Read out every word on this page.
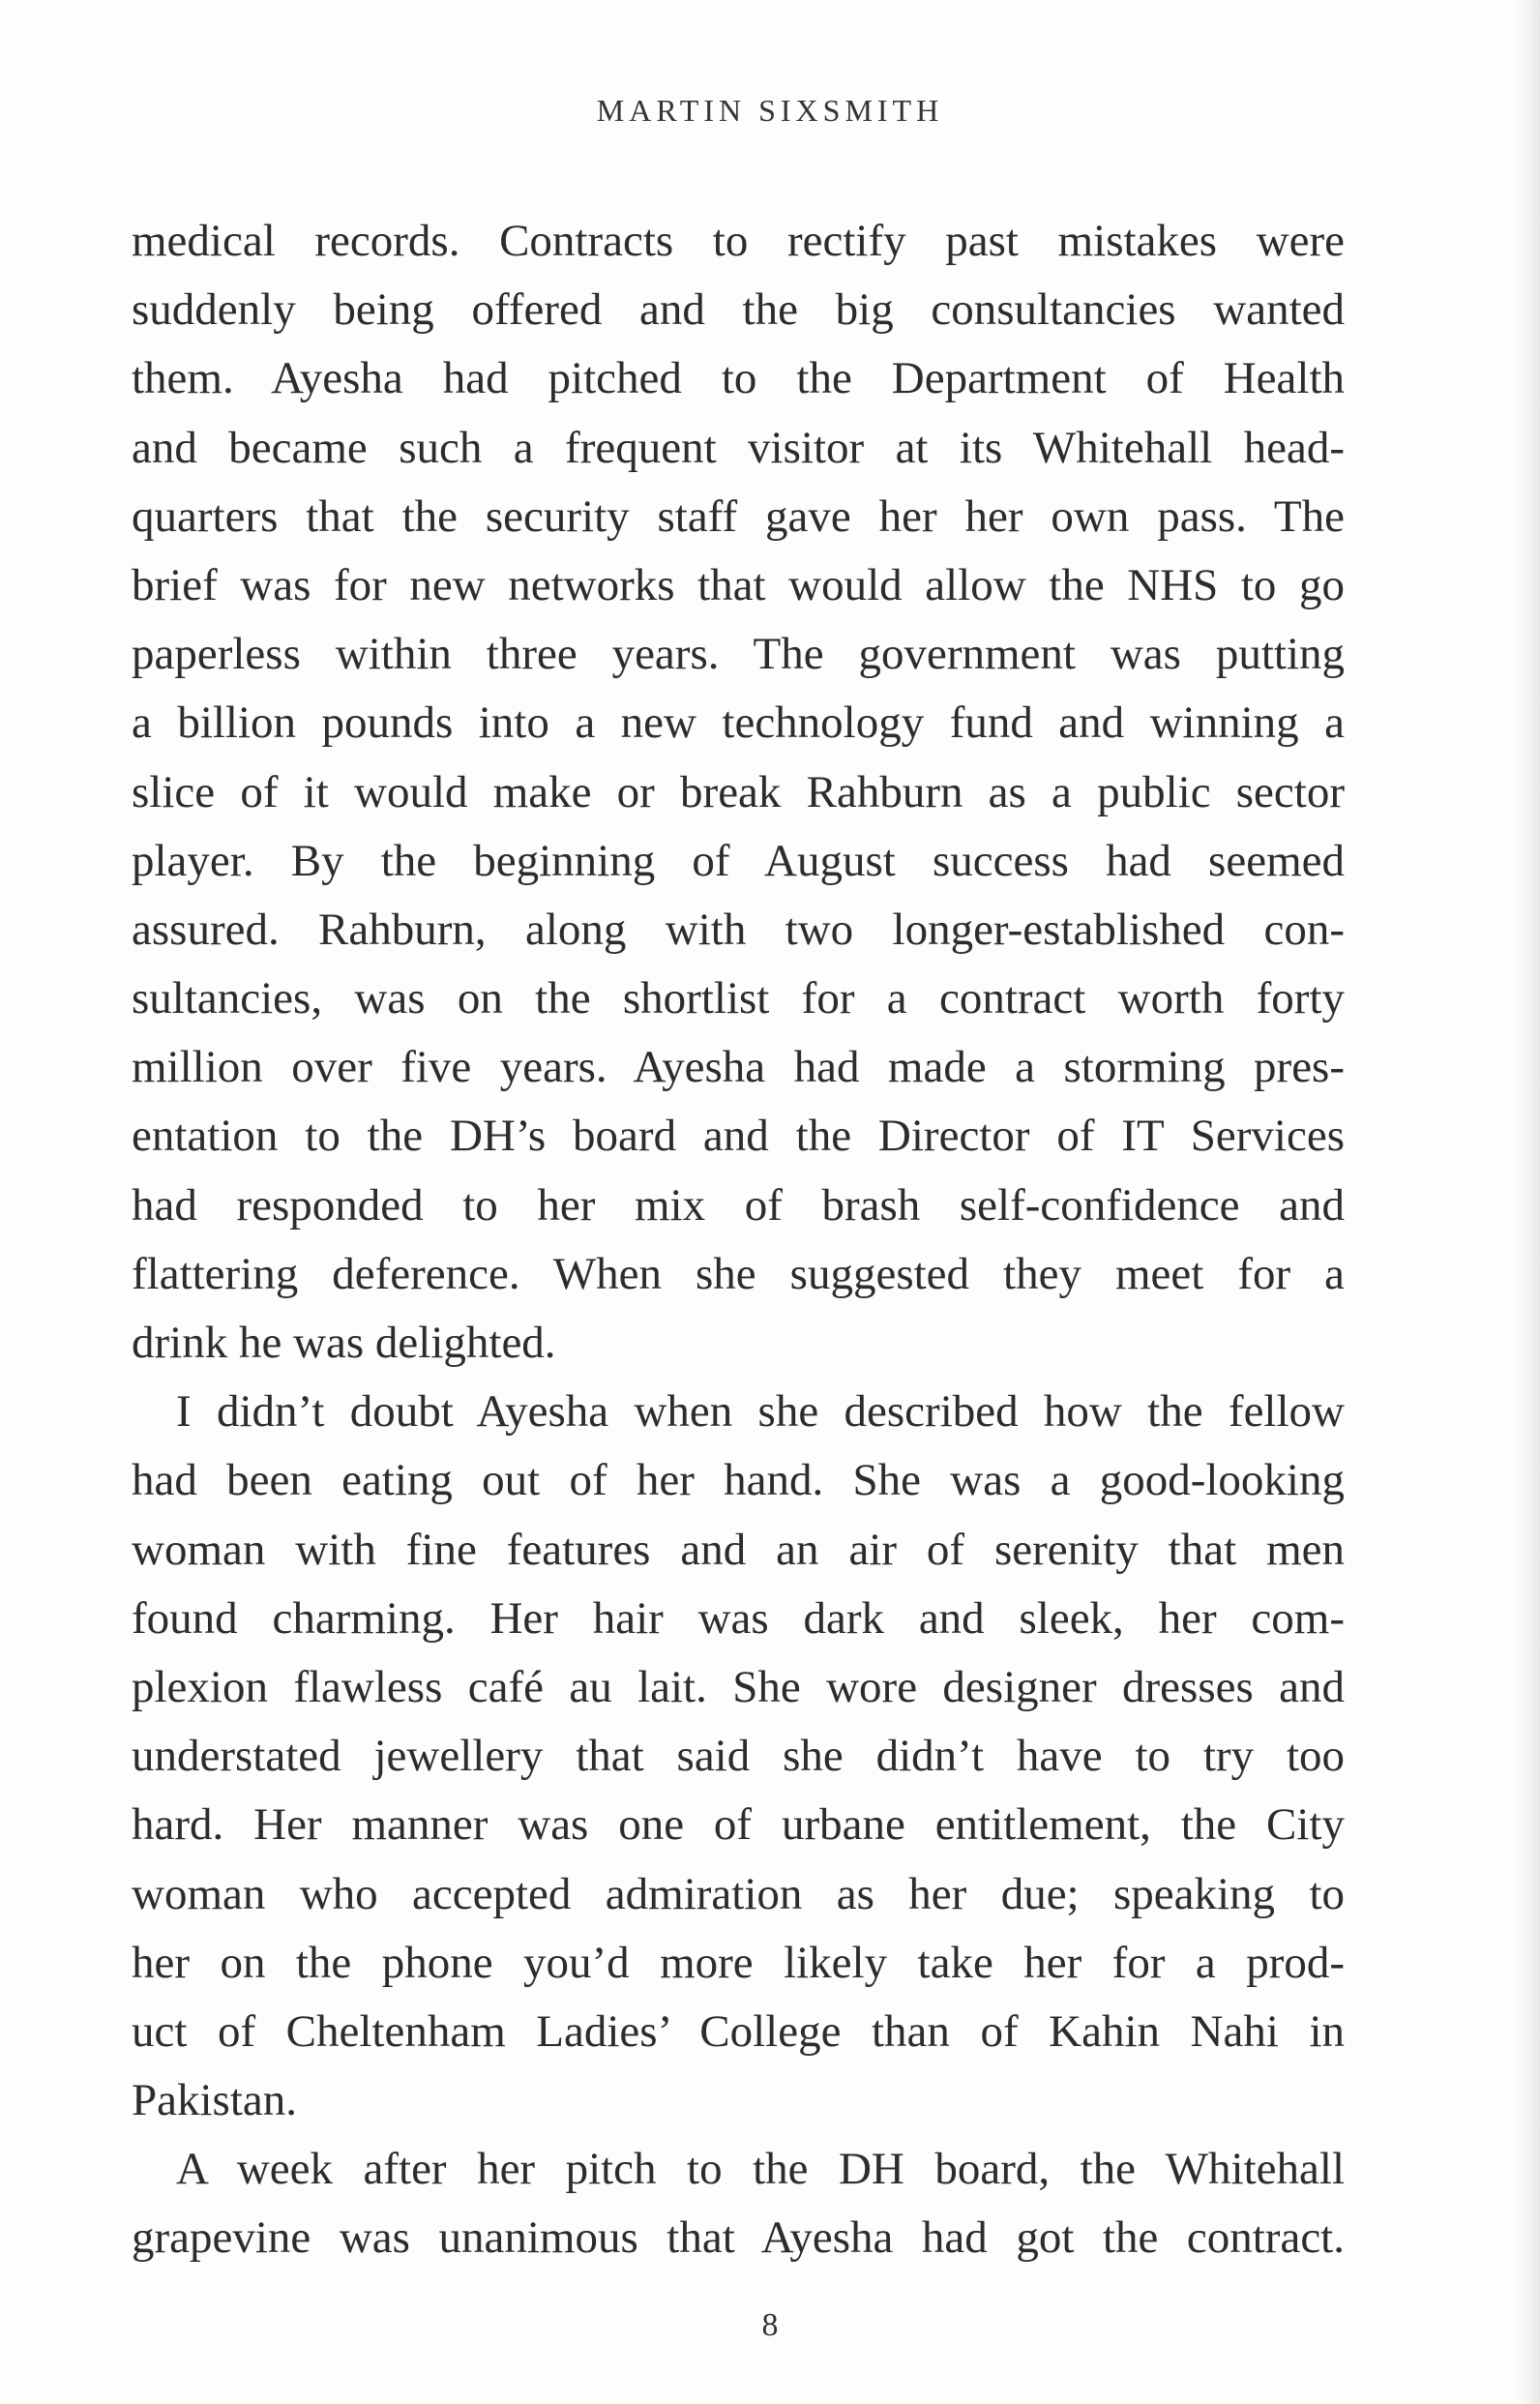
MARTIN SIXSMITH
medical records. Contracts to rectify past mistakes were
suddenly being offered and the big consultancies wanted
them. Ayesha had pitched to the Department of Health
and became such a frequent visitor at its Whitehall head-
quarters that the security staff gave her her own pass. The
brief was for new networks that would allow the NHS to go
paperless within three years. The government was putting
a billion pounds into a new technology fund and winning a
slice of it would make or break Rahburn as a public sector
player. By the beginning of August success had seemed
assured. Rahburn, along with two longer-established con-
sultancies, was on the shortlist for a contract worth forty
million over five years. Ayesha had made a storming pres-
entation to the DH’s board and the Director of IT Services
had responded to her mix of brash self-confidence and
flattering deference. When she suggested they meet for a
drink he was delighted.
I didn’t doubt Ayesha when she described how the fellow
had been eating out of her hand. She was a good-looking
woman with fine features and an air of serenity that men
found charming. Her hair was dark and sleek, her com-
plexion flawless café au lait. She wore designer dresses and
understated jewellery that said she didn’t have to try too
hard. Her manner was one of urbane entitlement, the City
woman who accepted admiration as her due; speaking to
her on the phone you’d more likely take her for a prod-
uct of Cheltenham Ladies’ College than of Kahin Nahi in
Pakistan.
A week after her pitch to the DH board, the Whitehall
grapevine was unanimous that Ayesha had got the contract.
8
